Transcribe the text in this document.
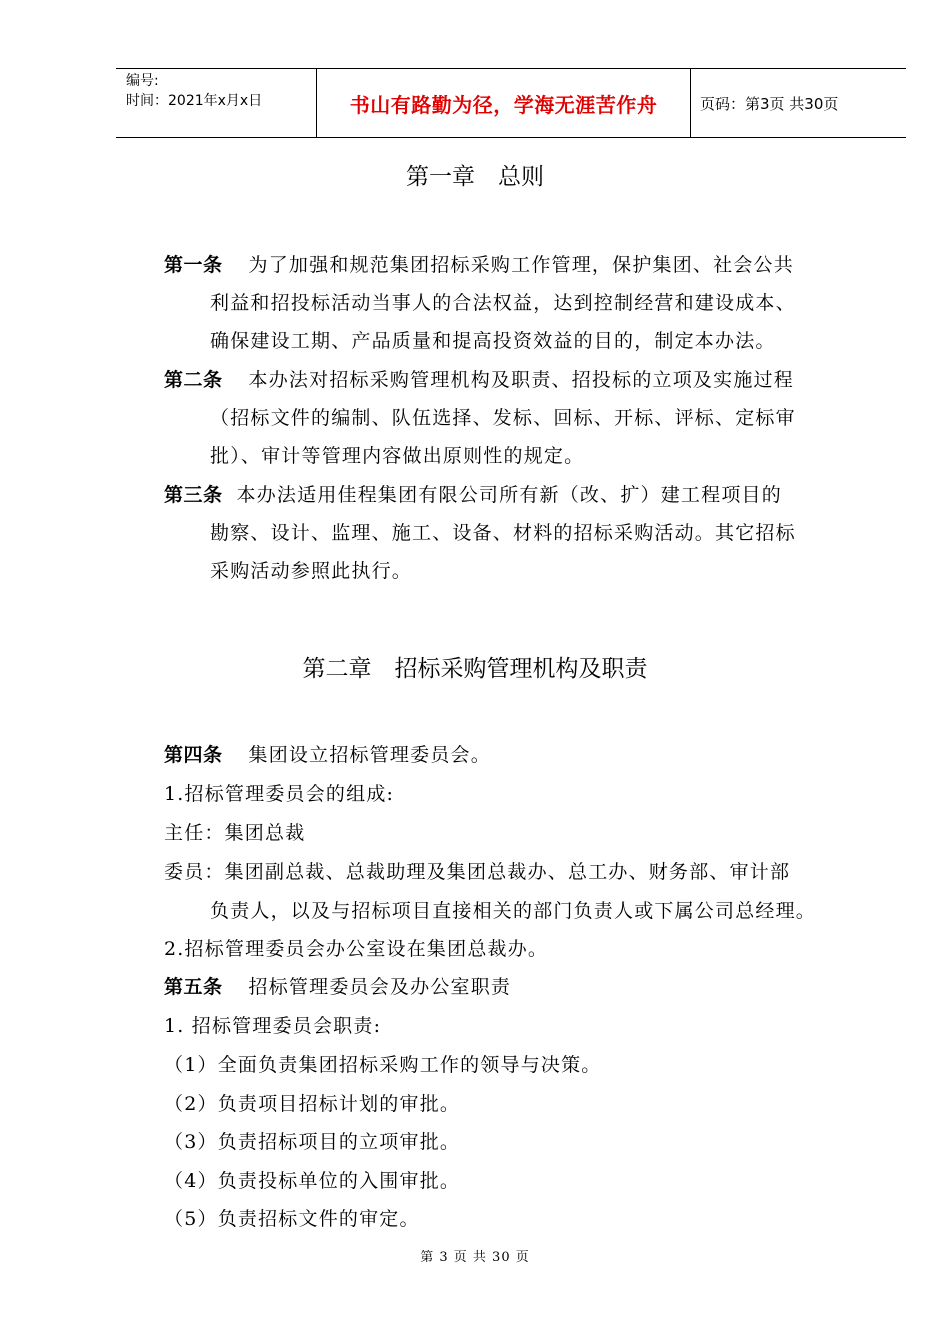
编号:
时间：2021年x月x日	书山有路勤为径，学海无涯苦作舟	页码：第3页 共30页
第一章　总则
第一条 为了加强和规范集团招标采购工作管理，保护集团、社会公共
利益和招投标活动当事人的合法权益，达到控制经营和建设成本、
确保建设工期、产品质量和提高投资效益的目的，制定本办法。
第二条 本办法对招标采购管理机构及职责、招投标的立项及实施过程
（招标文件的编制、队伍选择、发标、回标、开标、评标、定标审
批）、审计等管理内容做出原则性的规定。
第三条 本办法适用佳程集团有限公司所有新（改、扩）建工程项目的
勘察、设计、监理、施工、设备、材料的招标采购活动。其它招标
采购活动参照此执行。
第二章　招标采购管理机构及职责
第四条 集团设立招标管理委员会。
1.招标管理委员会的组成:
主任：集团总裁
委员：集团副总裁、总裁助理及集团总裁办、总工办、财务部、审计部
负责人，以及与招标项目直接相关的部门负责人或下属公司总经理。
2.招标管理委员会办公室设在集团总裁办。
第五条 招标管理委员会及办公室职责
1. 招标管理委员会职责:
（1）全面负责集团招标采购工作的领导与决策。
（2）负责项目招标计划的审批。
（3）负责招标项目的立项审批。
（4）负责投标单位的入围审批。
（5）负责招标文件的审定。
第 3 页 共 30 页
